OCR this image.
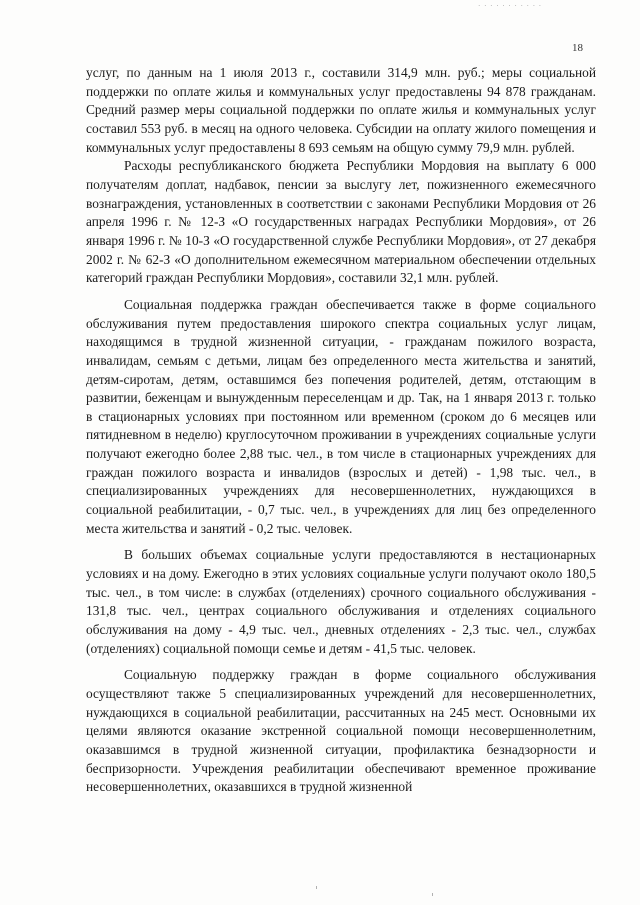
· · · · · · · · · · ·
18

услуг, по данным на 1 июля 2013 г., составили 314,9 млн. руб.; меры социальной поддержки по оплате жилья и коммунальных услуг предоставлены 94 878 гражданам. Средний размер меры социальной поддержки по оплате жилья и коммунальных услуг составил 553 руб. в месяц на одного человека. Субсидии на оплату жилого помещения и коммунальных услуг предоставлены 8 693 семьям на общую сумму 79,9 млн. рублей.

Расходы республиканского бюджета Республики Мордовия на выплату 6 000 получателям доплат, надбавок, пенсии за выслугу лет, пожизненного ежемесячного вознаграждения, установленных в соответствии с законами Республики Мордовия от 26 апреля 1996 г. № 12-З «О государственных наградах Республики Мордовия», от 26 января 1996 г. № 10-З «О государственной службе Республики Мордовия», от 27 декабря 2002 г. № 62-З «О дополнительном ежемесячном материальном обеспечении отдельных категорий граждан Республики Мордовия», составили 32,1 млн. рублей.

Социальная поддержка граждан обеспечивается также в форме социального обслуживания путем предоставления широкого спектра социальных услуг лицам, находящимся в трудной жизненной ситуации, - гражданам пожилого возраста, инвалидам, семьям с детьми, лицам без определенного места жительства и занятий, детям-сиротам, детям, оставшимся без попечения родителей, детям, отстающим в развитии, беженцам и вынужденным переселенцам и др. Так, на 1 января 2013 г. только в стационарных условиях при постоянном или временном (сроком до 6 месяцев или пятидневном в неделю) круглосуточном проживании в учреждениях социальные услуги получают ежегодно более 2,88 тыс. чел., в том числе в стационарных учреждениях для граждан пожилого возраста и инвалидов (взрослых и детей) - 1,98 тыс. чел., в специализированных учреждениях для несовершеннолетних, нуждающихся в социальной реабилитации, - 0,7 тыс. чел., в учреждениях для лиц без определенного места жительства и занятий - 0,2 тыс. человек.

В больших объемах социальные услуги предоставляются в нестационарных условиях и на дому. Ежегодно в этих условиях социальные услуги получают около 180,5 тыс. чел., в том числе: в службах (отделениях) срочного социального обслуживания - 131,8 тыс. чел., центрах социального обслуживания и отделениях социального обслуживания на дому - 4,9 тыс. чел., дневных отделениях - 2,3 тыс. чел., службах (отделениях) социальной помощи семье и детям - 41,5 тыс. человек.

Социальную поддержку граждан в форме социального обслуживания осуществляют также 5 специализированных учреждений для несовершеннолетних, нуждающихся в социальной реабилитации, рассчитанных на 245 мест. Основными их целями являются оказание экстренной социальной помощи несовершеннолетним, оказавшимся в трудной жизненной ситуации, профилактика безнадзорности и беспризорности. Учреждения реабилитации обеспечивают временное проживание несовершеннолетних, оказавшихся в трудной жизненной
